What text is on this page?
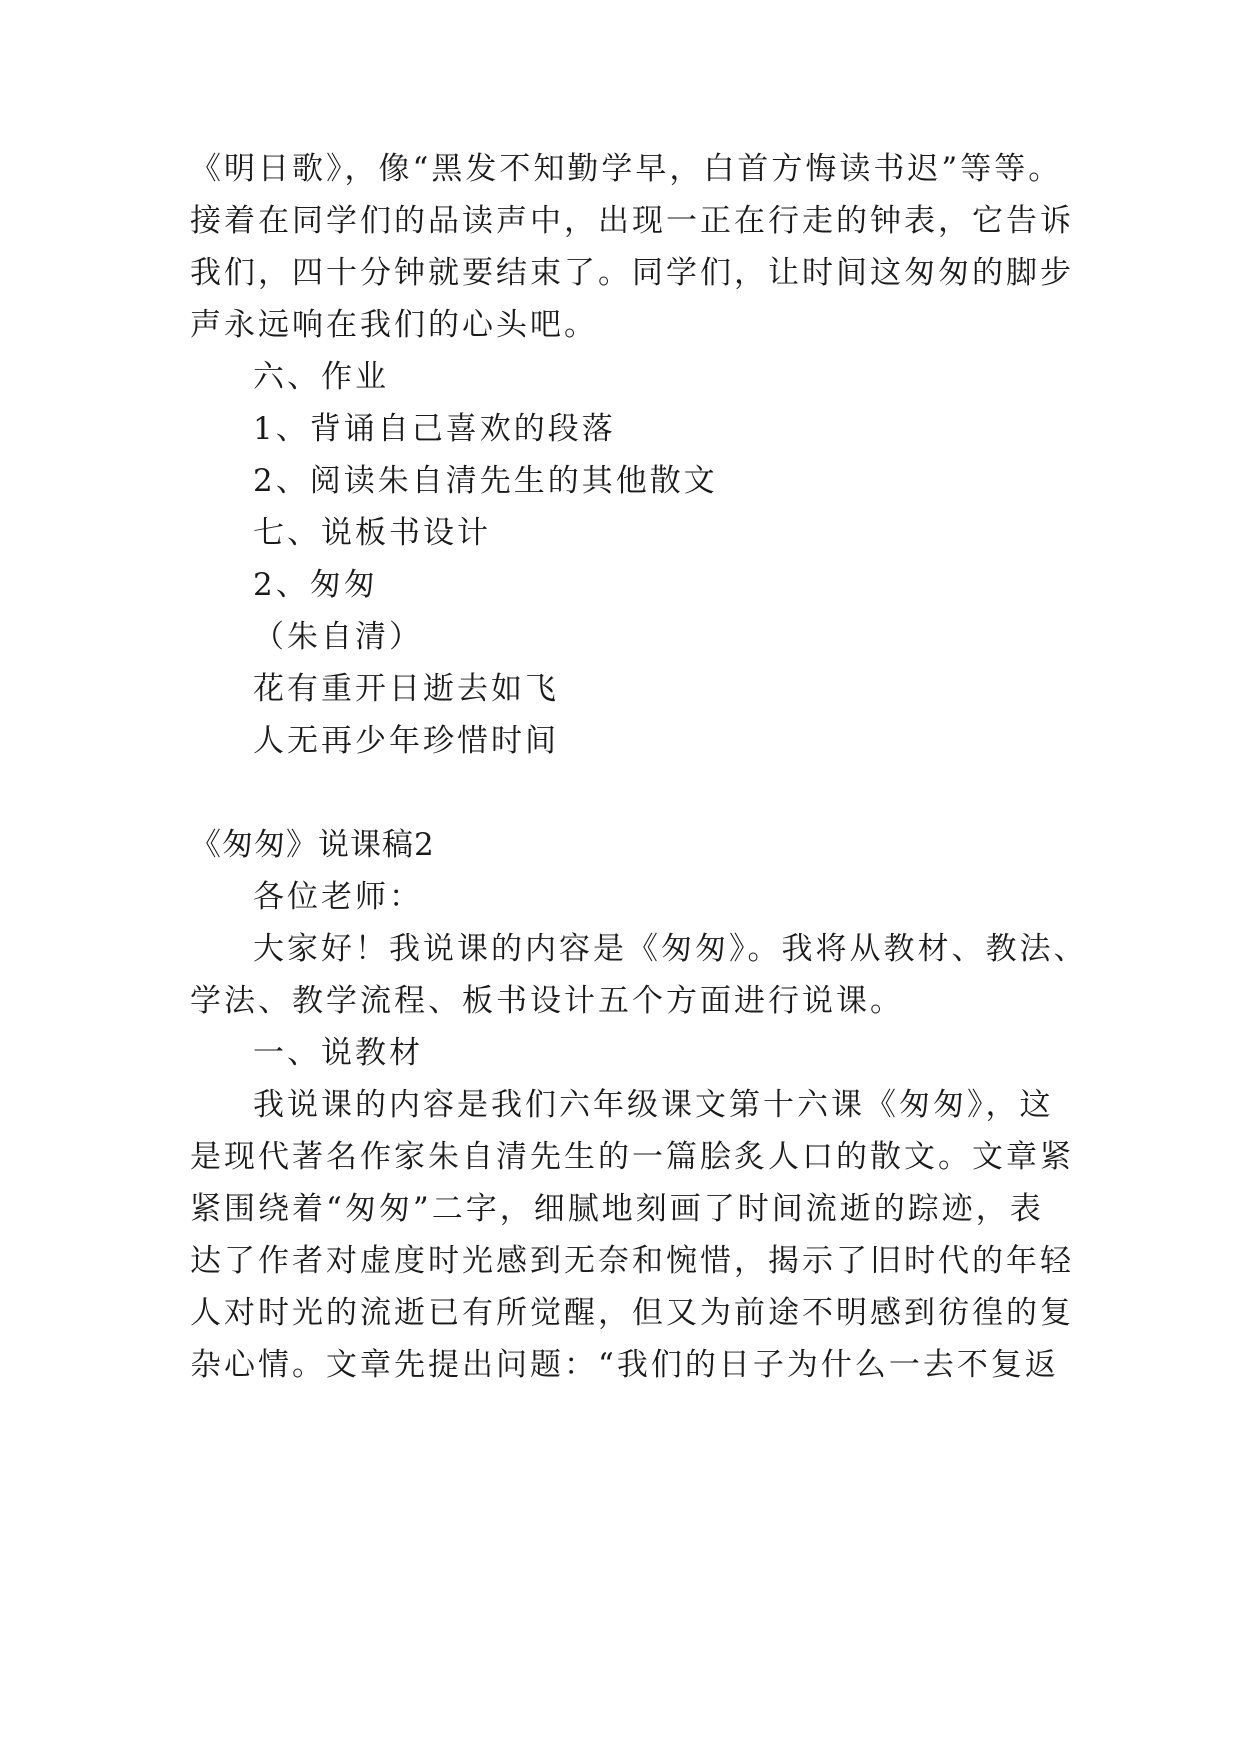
《明日歌》，像“黑发不知勤学早，白首方悔读书迟”等等。
接着在同学们的品读声中，出现一正在行走的钟表，它告诉
我们，四十分钟就要结束了。同学们，让时间这匆匆的脚步
声永远响在我们的心头吧。
六、作业
1、背诵自己喜欢的段落
2、阅读朱自清先生的其他散文
七、说板书设计
2、匆匆
（朱自清）
花有重开日逝去如飞
人无再少年珍惜时间
《匆匆》说课稿2
各位老师：
大家好！我说课的内容是《匆匆》。我将从教材、教法、
学法、教学流程、板书设计五个方面进行说课。
一、说教材
我说课的内容是我们六年级课文第十六课《匆匆》，这
是现代著名作家朱自清先生的一篇脍炙人口的散文。文章紧
紧围绕着“匆匆”二字，细腻地刻画了时间流逝的踪迹，表
达了作者对虚度时光感到无奈和惋惜，揭示了旧时代的年轻
人对时光的流逝已有所觉醒，但又为前途不明感到彷徨的复
杂心情。文章先提出问题：“我们的日子为什么一去不复返
